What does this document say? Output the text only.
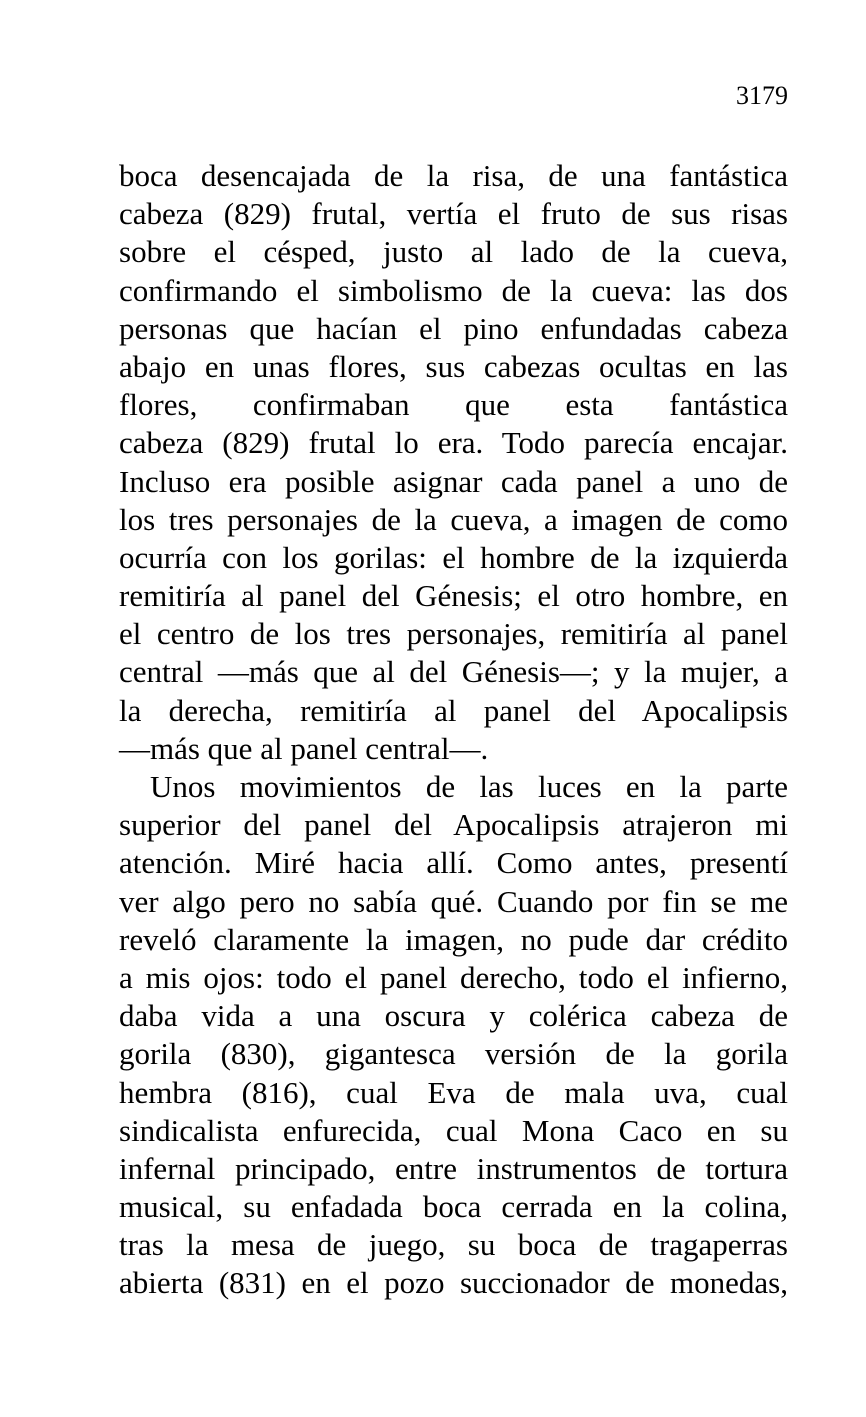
3179
boca desencajada de la risa, de una fantástica
cabeza (829) frutal, vertía el fruto de sus risas
sobre el césped, justo al lado de la cueva,
confirmando el simbolismo de la cueva: las dos
personas que hacían el pino enfundadas cabeza
abajo en unas flores, sus cabezas ocultas en las
flores, confirmaban que esta fantástica
cabeza (829) frutal lo era. Todo parecía encajar.
Incluso era posible asignar cada panel a uno de
los tres personajes de la cueva, a imagen de como
ocurría con los gorilas: el hombre de la izquierda
remitiría al panel del Génesis; el otro hombre, en
el centro de los tres personajes, remitiría al panel
central —más que al del Génesis—; y la mujer, a
la derecha, remitiría al panel del Apocalipsis
—más que al panel central—.
Unos movimientos de las luces en la parte
superior del panel del Apocalipsis atrajeron mi
atención. Miré hacia allí. Como antes, presentí
ver algo pero no sabía qué. Cuando por fin se me
reveló claramente la imagen, no pude dar crédito
a mis ojos: todo el panel derecho, todo el infierno,
daba vida a una oscura y colérica cabeza de
gorila (830), gigantesca versión de la gorila
hembra (816), cual Eva de mala uva, cual
sindicalista enfurecida, cual Mona Caco en su
infernal principado, entre instrumentos de tortura
musical, su enfadada boca cerrada en la colina,
tras la mesa de juego, su boca de tragaperras
abierta (831) en el pozo succionador de monedas,
